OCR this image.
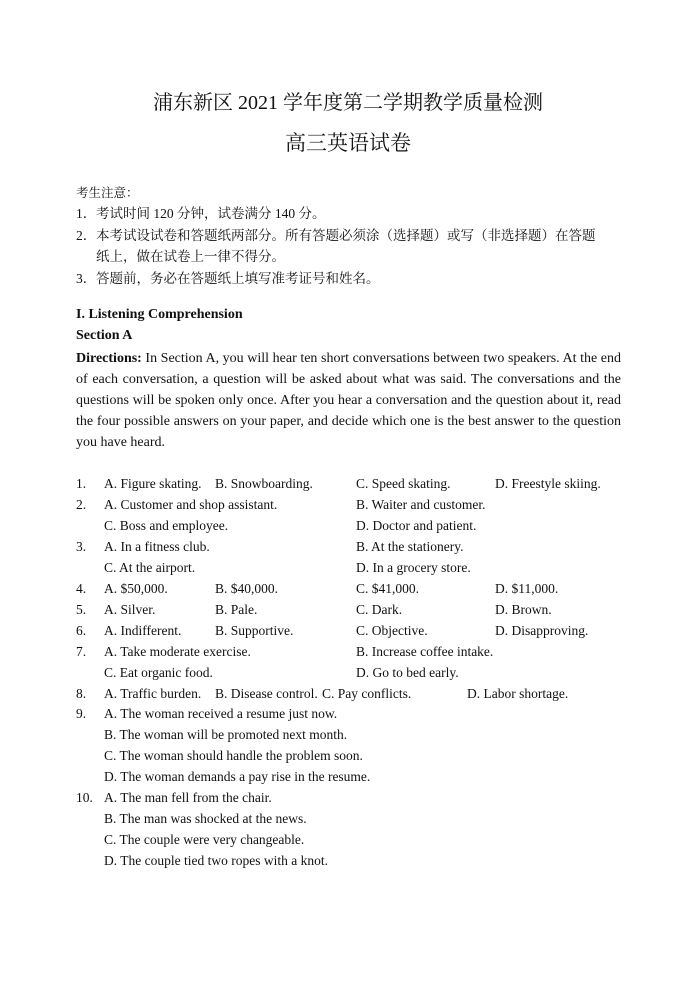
浦东新区 2021 学年度第二学期教学质量检测
高三英语试卷
考生注意：
1．考试时间 120 分钟，试卷满分 140 分。
2．本考试设试卷和答题纸两部分。所有答题必须涂（选择题）或写（非选择题）在答题
纸上，做在试卷上一律不得分。
3．答题前，务必在答题纸上填写准考证号和姓名。
I. Listening Comprehension
Section A
Directions: In Section A, you will hear ten short conversations between two speakers. At the end of each conversation, a question will be asked about what was said. The conversations and the questions will be spoken only once. After you hear a conversation and the question about it, read the four possible answers on your paper, and decide which one is the best answer to the question you have heard.
1. A. Figure skating. B. Snowboarding.	C. Speed skating.	D. Freestyle skiing.
2. A. Customer and shop assistant.	B. Waiter and customer.
C. Boss and employee.	D. Doctor and patient.
3. A. In a fitness club.	B. At the stationery.
C. At the airport.	D. In a grocery store.
4. A. $50,000.	B. $40,000.	C. $41,000.	D. $11,000.
5. A. Silver.	B. Pale.	C. Dark.	D. Brown.
6. A. Indifferent. B. Supportive.	C. Objective.	D. Disapproving.
7. A. Take moderate exercise.	B. Increase coffee intake.
C. Eat organic food.	D. Go to bed early.
8. A. Traffic burden. B. Disease control. C. Pay conflicts.	D. Labor shortage.
9. A. The woman received a resume just now.
B. The woman will be promoted next month.
C. The woman should handle the problem soon.
D. The woman demands a pay rise in the resume.
10. A. The man fell from the chair.
B. The man was shocked at the news.
C. The couple were very changeable.
D. The couple tied two ropes with a knot.
